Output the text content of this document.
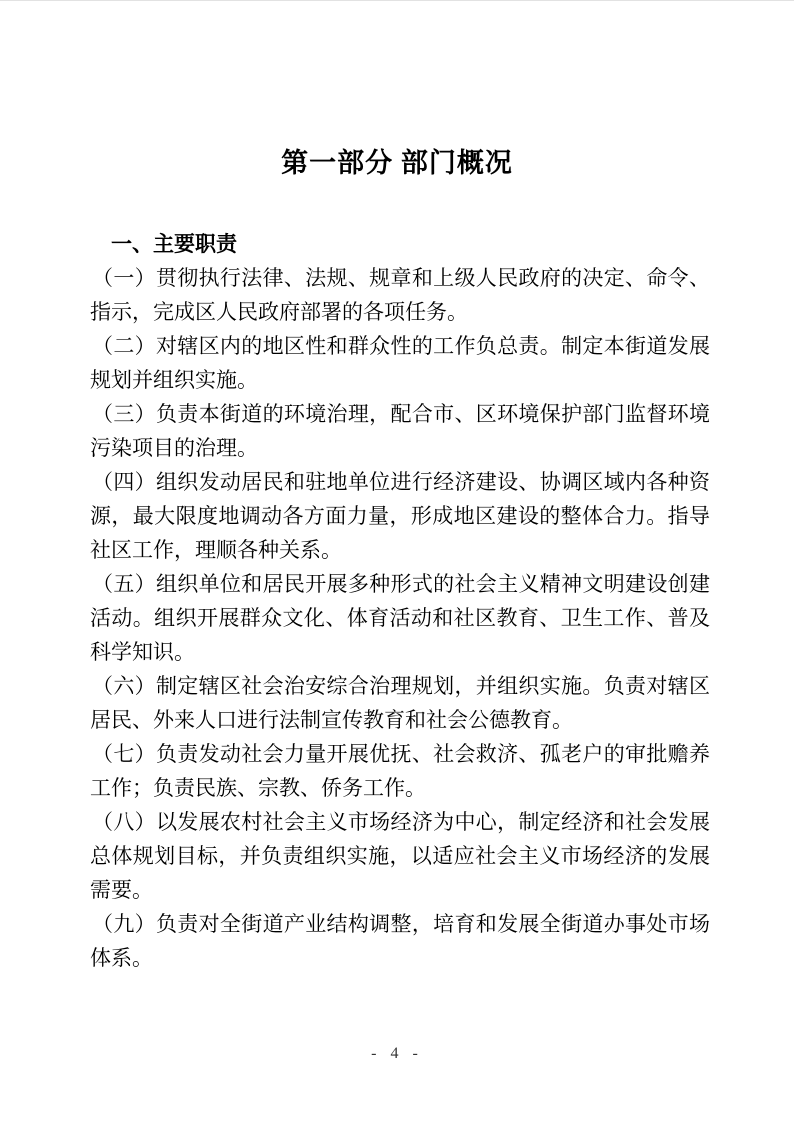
第一部分 部门概况
一、主要职责

（一）贯彻执行法律、法规、规章和上级人民政府的决定、命令、指示，完成区人民政府部署的各项任务。

（二）对辖区内的地区性和群众性的工作负总责。制定本街道发展规划并组织实施。

（三）负责本街道的环境治理，配合市、区环境保护部门监督环境污染项目的治理。

（四）组织发动居民和驻地单位进行经济建设、协调区域内各种资源，最大限度地调动各方面力量，形成地区建设的整体合力。指导社区工作，理顺各种关系。

（五）组织单位和居民开展多种形式的社会主义精神文明建设创建活动。组织开展群众文化、体育活动和社区教育、卫生工作、普及科学知识。

（六）制定辖区社会治安综合治理规划，并组织实施。负责对辖区居民、外来人口进行法制宣传教育和社会公德教育。

（七）负责发动社会力量开展优抚、社会救济、孤老户的审批赡养工作；负责民族、宗教、侨务工作。

（八）以发展农村社会主义市场经济为中心，制定经济和社会发展总体规划目标，并负责组织实施，以适应社会主义市场经济的发展需要。

（九）负责对全街道产业结构调整，培育和发展全街道办事处市场体系。

- 4 -
